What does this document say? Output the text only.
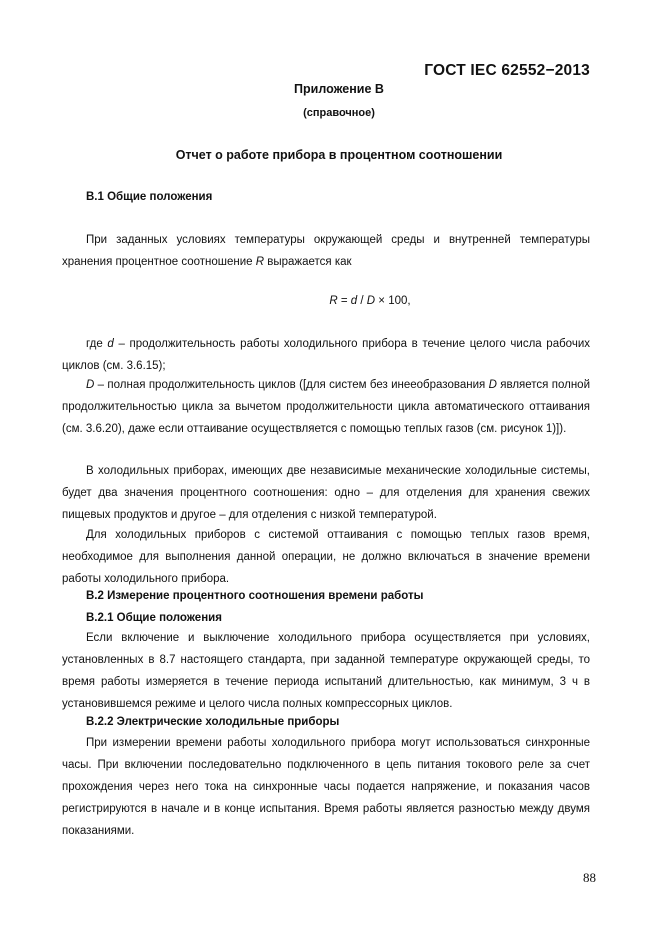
ГОСТ IEC 62552−2013
Приложение В
(справочное)
Отчет о работе прибора в процентном соотношении
В.1 Общие положения
При заданных условиях температуры окружающей среды и внутренней температуры хранения процентное соотношение R выражается как
R = d / D × 100,
где d – продолжительность работы холодильного прибора в течение целого числа рабочих циклов (см. 3.6.15);
D – полная продолжительность циклов ([для систем без инееобразования D является полной продолжительностью цикла за вычетом продолжительности цикла автоматического оттаивания (см. 3.6.20), даже если оттаивание осуществляется с помощью теплых газов (см. рисунок 1)]).
В холодильных приборах, имеющих две независимые механические холодильные системы, будет два значения процентного соотношения: одно – для отделения для хранения свежих пищевых продуктов и другое – для отделения с низкой температурой.
Для холодильных приборов с системой оттаивания с помощью теплых газов время, необходимое для выполнения данной операции, не должно включаться в значение времени работы холодильного прибора.
В.2 Измерение процентного соотношения времени работы
В.2.1 Общие положения
Если включение и выключение холодильного прибора осуществляется при условиях, установленных в 8.7 настоящего стандарта, при заданной температуре окружающей среды, то время работы измеряется в течение периода испытаний длительностью, как минимум, 3 ч в установившемся режиме и целого числа полных компрессорных циклов.
В.2.2 Электрические холодильные приборы
При измерении времени работы холодильного прибора могут использоваться синхронные часы. При включении последовательно подключенного в цепь питания токового реле за счет прохождения через него тока на синхронные часы подается напряжение, и показания часов регистрируются в начале и в конце испытания. Время работы является разностью между двумя показаниями.
88
